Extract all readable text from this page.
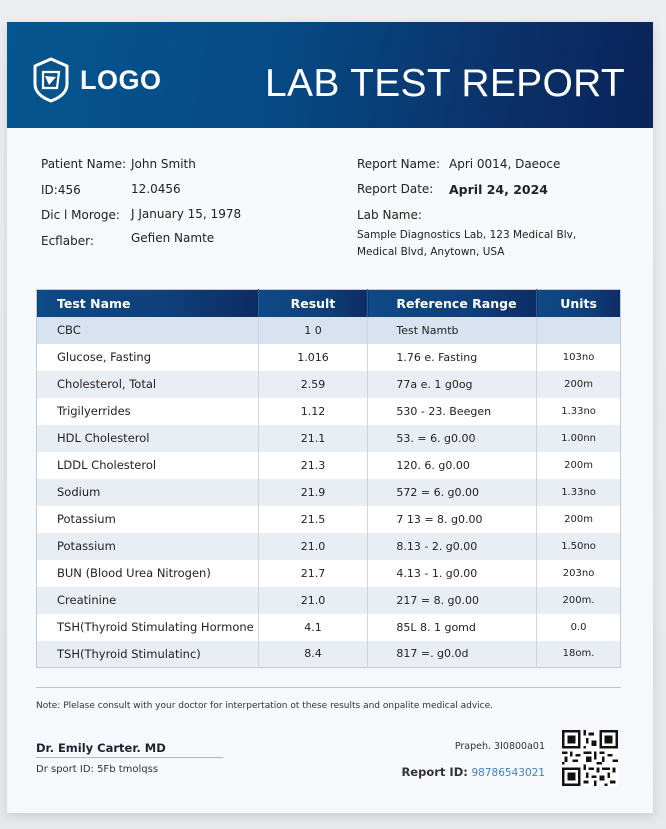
LOGO	LAB TEST REPORT
Patient Name: John Smith
ID:456	12.0456
Dic l Moroge: J January 15, 1978
Ecflaber:	Gefien Namte
Report Name: Apri 0014, Daeoce
Report Date: April 24, 2024
Lab Name:
Sample Diagnostics Lab, 123 Medical Blv, Medical Blvd, Anytown, USA
Test Name	Result	Reference Range	Units
CBC	1 0	Test Namtb	
Glucose, Fasting	1.016	1.76 e. Fasting	103no
Cholesterol, Total	2.59	77a e. 1 g0og	200m
Trigilyerrides	1.12	530 - 23. Beegen	1.33no
HDL Cholesterol	21.1	53. = 6. g0.00	1.00nn
LDDL Cholesterol	21.3	120. 6. g0.00	200m
Sodium	21.9	572 = 6. g0.00	1.33no
Potassium	21.5	7 13 = 8. g0.00	200m
Potassium	21.0	8.13 - 2. g0.00	1.50no
BUN (Blood Urea Nitrogen)	21.7	4.13 - 1. g0.00	203no
Creatinine	21.0	217 = 8. g0.00	200m.
TSH(Thyroid Stimulating Hormone	4.1	85L 8. 1 gomd	0.0
TSH(Thyroid Stimulatinc)	8.4	817 =. g0.0d	18om.
Note: Plelase consult with your doctor for interpertation ot these results and onpalite medical advice.
Dr. Emily Carter. MD
Dr sport ID: 5Fb tmolqss
Prapeh. 3I0800a01
Report ID: 98786543021
